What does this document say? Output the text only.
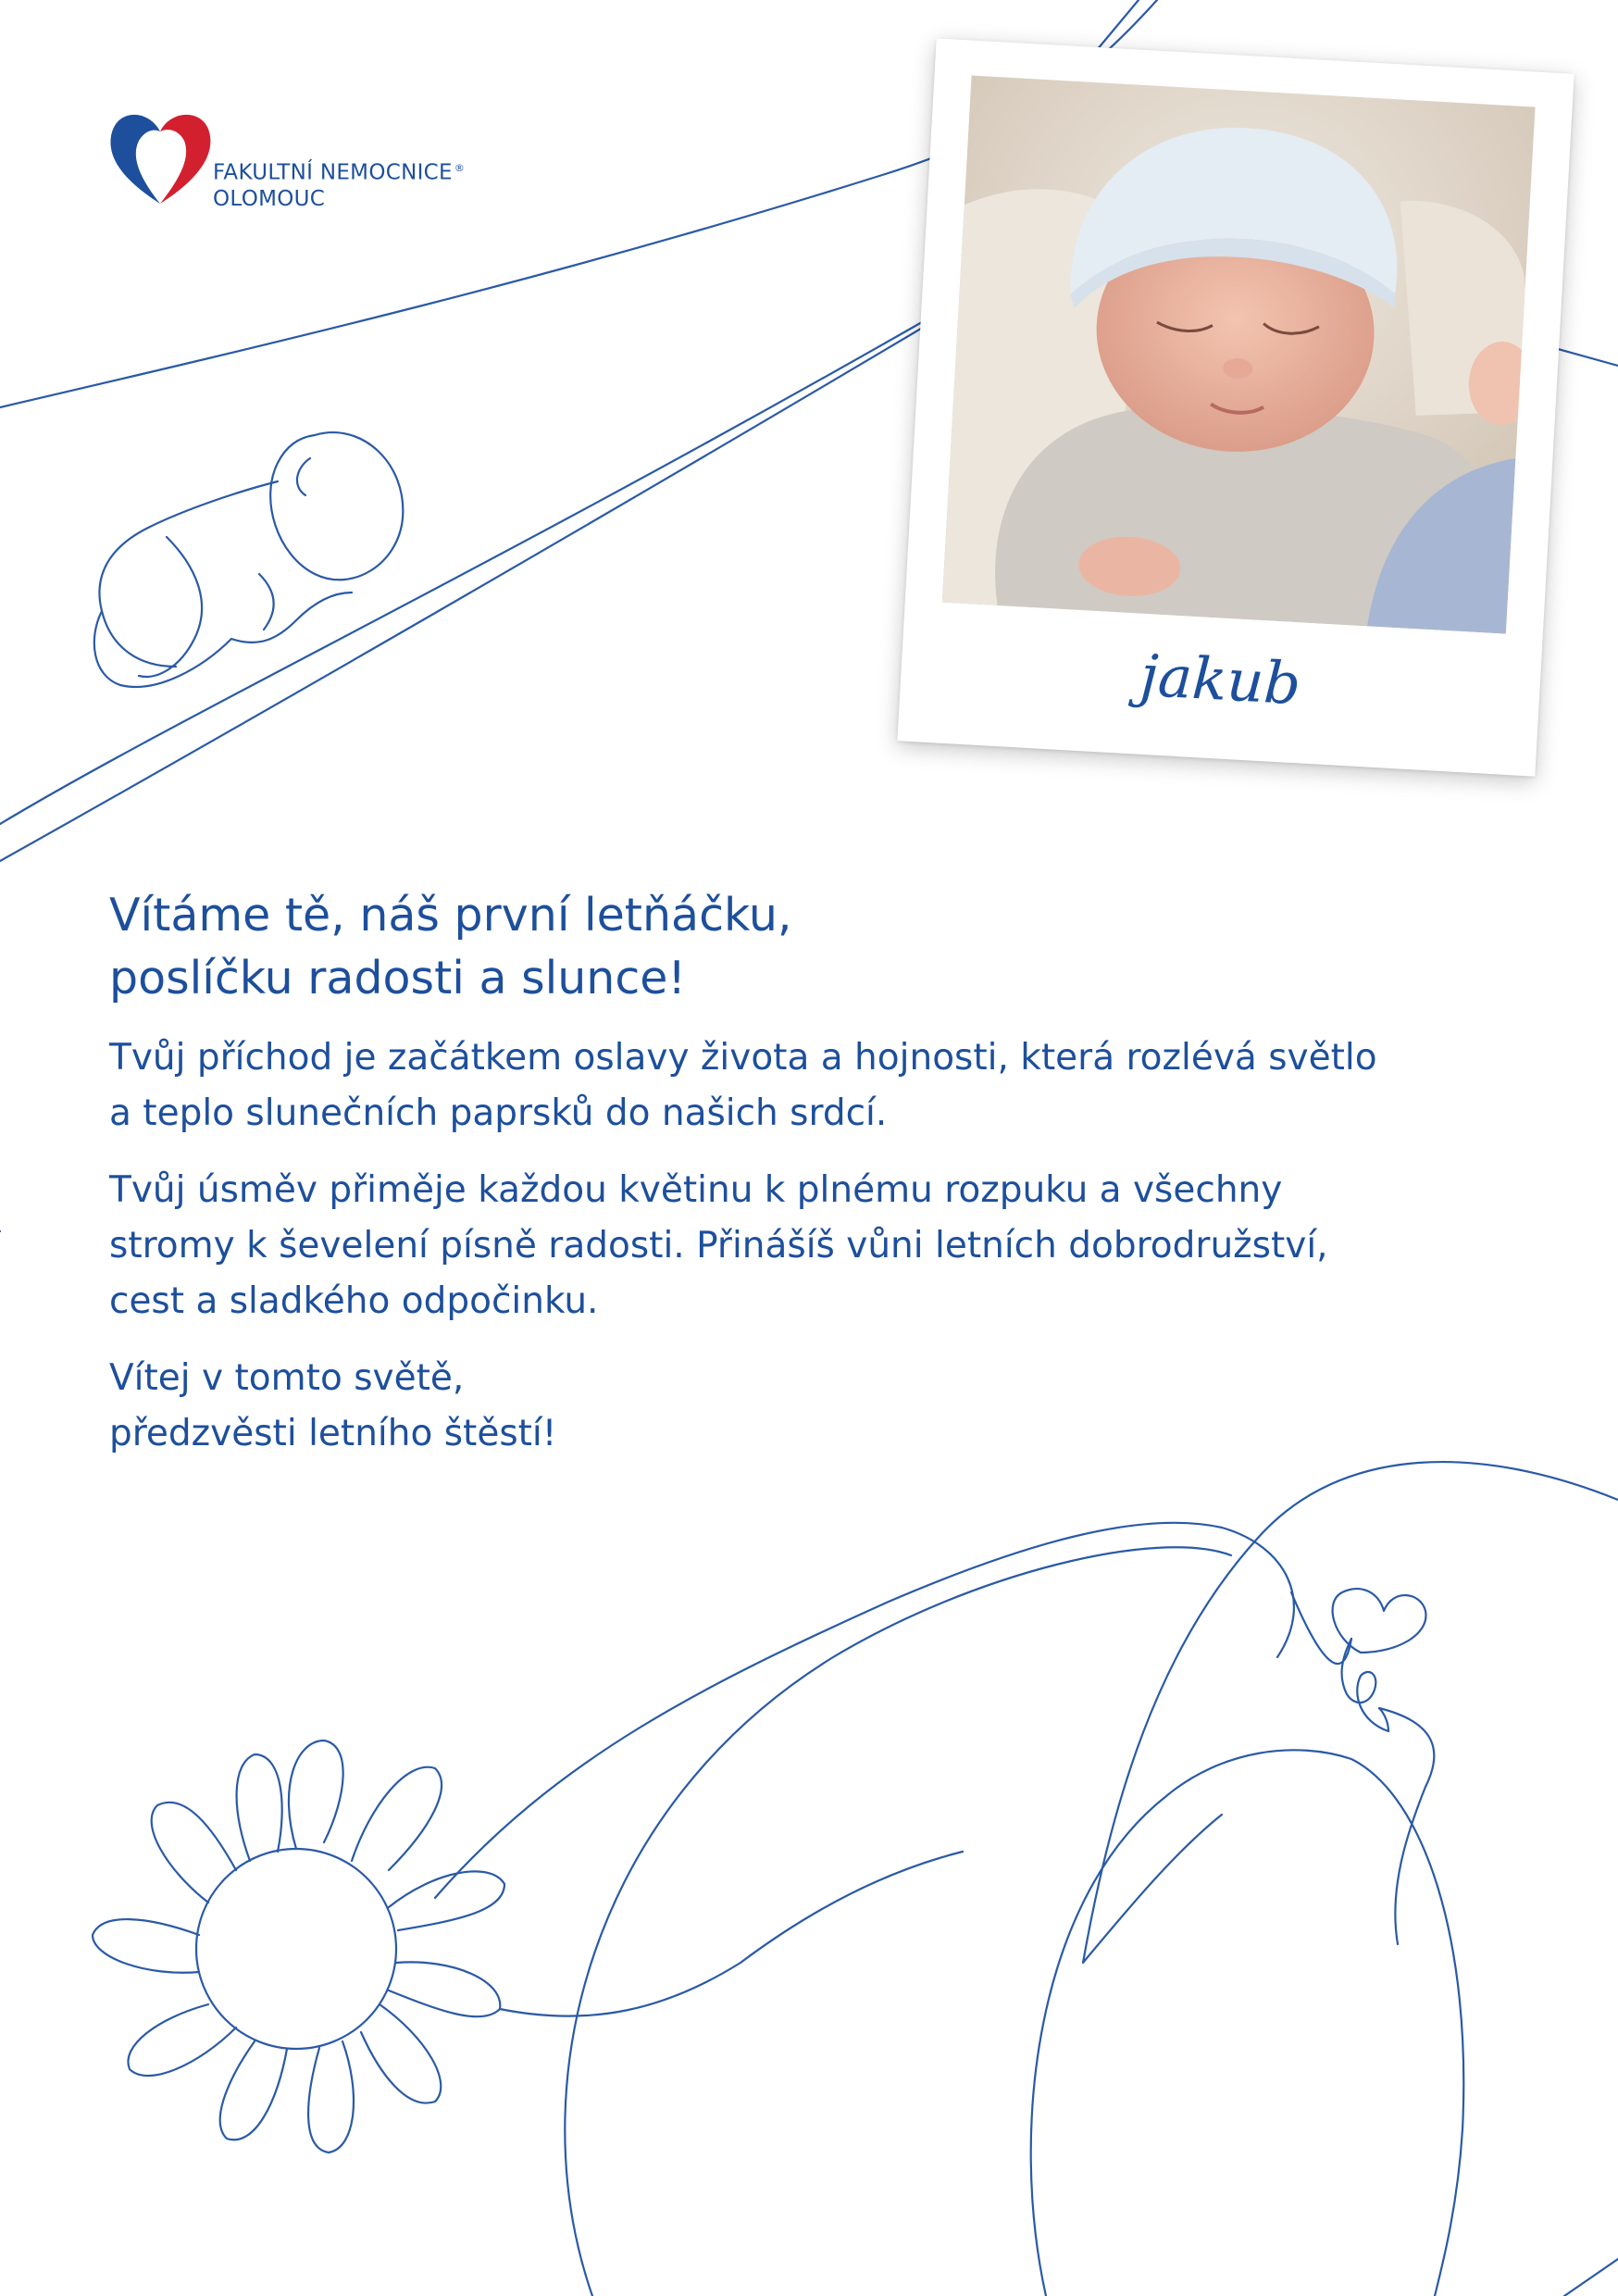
FAKULTNÍ NEMOCNICE ®
OLOMOUC
jakub
Vítáme tě, náš první letňáčku,
poslíčku radosti a slunce!

Tvůj příchod je začátkem oslavy života a hojnosti, která rozlévá světlo
a teplo slunečních paprsků do našich srdcí.

Tvůj úsměv přiměje každou květinu k plnému rozpuku a všechny
stromy k ševelení písně radosti. Přinášíš vůni letních dobrodružství,
cest a sladkého odpočinku.

Vítej v tomto světě,
předzvěsti letního štěstí!
